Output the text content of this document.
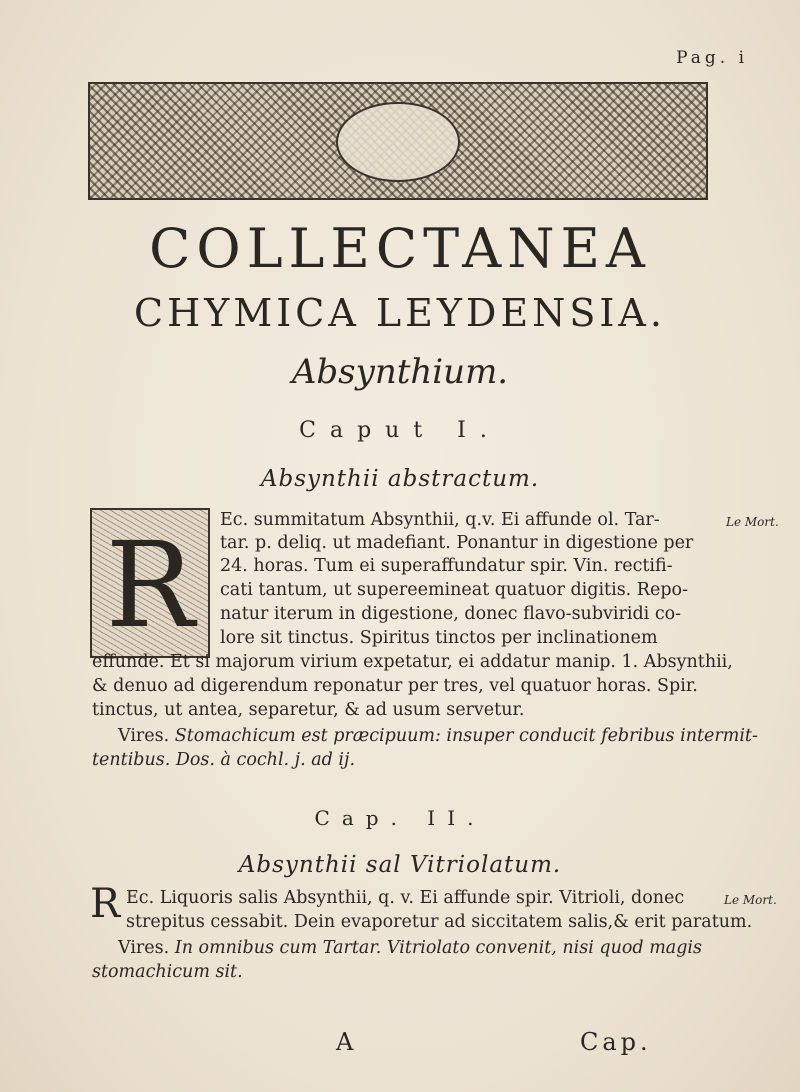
Pag. i
COLLECTANEA
CHYMICA LEYDENSIA.
Absynthium.
Caput I.
Absynthii abstractum.
R	Ec. summitatum Absynthii, q.v. Ei affunde ol. Tar-
tar. p. deliq. ut madefiant. Ponantur in digestione per
24. horas. Tum ei superaffundatur spir. Vin. rectifi-
cati tantum, ut supereemineat quatuor digitis. Repo-
natur iterum in digestione, donec flavo-subviridi co-
lore sit tinctus. Spiritus tinctos per inclinationem
effunde. Et si majorum virium expetatur, ei addatur manip. 1. Absynthii,
& denuo ad digerendum reponatur per tres, vel quatuor horas. Spir.
tinctus, ut antea, separetur, & ad usum servetur.
Le Mort.
Vires. Stomachicum est præcipuum: insuper conducit febribus intermit-
tentibus. Dos. à cochl. j. ad ij.
Cap. II.
Absynthii sal Vitriolatum.
R Ec. Liquoris salis Absynthii, q. v. Ei affunde spir. Vitrioli, donec
strepitus cessabit. Dein evaporetur ad siccitatem salis,& erit paratum.
Le Mort.
Vires. In omnibus cum Tartar. Vitriolato convenit, nisi quod magis
stomachicum sit.
A	Cap.
